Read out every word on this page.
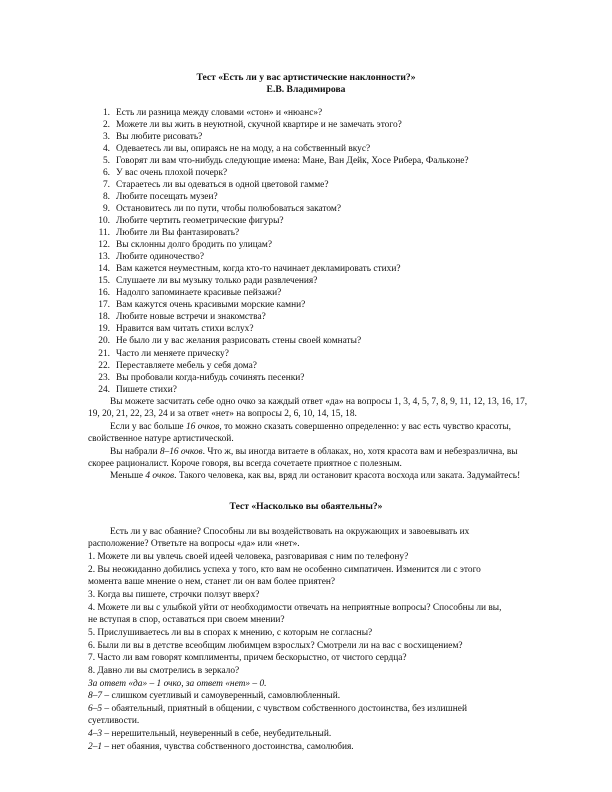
Тест «Есть ли у вас артистические наклонности?»
Е.В. Владимирова
1. Есть ли разница между словами «стон» и «нюанс»?
2. Можете ли вы жить в неуютной, скучной квартире и не замечать этого?
3. Вы любите рисовать?
4. Одеваетесь ли вы, опираясь не на моду, а на собственный вкус?
5. Говорят ли вам что-нибудь следующие имена: Мане, Ван Дейк, Хосе Рибера, Фальконе?
6. У вас очень плохой почерк?
7. Стараетесь ли вы одеваться в одной цветовой гамме?
8. Любите посещать музеи?
9. Остановитесь ли по пути, чтобы полюбоваться закатом?
10. Любите чертить геометрические фигуры?
11. Любите ли Вы фантазировать?
12. Вы склонны долго бродить по улицам?
13. Любите одиночество?
14. Вам кажется неуместным, когда кто-то начинает декламировать стихи?
15. Слушаете ли вы музыку только ради развлечения?
16. Надолго запоминаете красивые пейзажи?
17. Вам кажутся очень красивыми морские камни?
18. Любите новые встречи и знакомства?
19. Нравится вам читать стихи вслух?
20. Не было ли у вас желания разрисовать стены своей комнаты?
21. Часто ли меняете прическу?
22. Переставляете мебель у себя дома?
23. Вы пробовали когда-нибудь сочинять песенки?
24. Пишете стихи?
Вы можете засчитать себе одно очко за каждый ответ «да» на вопросы 1, 3, 4, 5, 7, 8, 9, 11, 12, 13, 16, 17,
19, 20, 21, 22, 23, 24 и за ответ «нет» на вопросы 2, 6, 10, 14, 15, 18.
Если у вас больше 16 очков, то можно сказать совершенно определенно: у вас есть чувство красоты,
свойственное натуре артистической.
Вы набрали 8–16 очков. Что ж, вы иногда витаете в облаках, но, хотя красота вам и небезразлична, вы
скорее рационалист. Короче говоря, вы всегда сочетаете приятное с полезным.
Меньше 4 очков. Такого человека, как вы, вряд ли остановит красота восхода или заката. Задумайтесь!
Тест «Насколько вы обаятельны?»
Есть ли у вас обаяние? Способны ли вы воздействовать на окружающих и завоевывать их
расположение? Ответьте на вопросы «да» или «нет».
1. Можете ли вы увлечь своей идеей человека, разговаривая с ним по телефону?
2. Вы неожиданно добились успеха у того, кто вам не особенно симпатичен. Изменится ли с этого
момента ваше мнение о нем, станет ли он вам более приятен?
3. Когда вы пишете, строчки ползут вверх?
4. Можете ли вы с улыбкой уйти от необходимости отвечать на неприятные вопросы? Способны ли вы,
не вступая в спор, оставаться при своем мнении?
5. Прислушиваетесь ли вы в спорах к мнению, с которым не согласны?
6. Были ли вы в детстве всеобщим любимцем взрослых? Смотрели ли на вас с восхищением?
7. Часто ли вам говорят комплименты, причем бескорыстно, от чистого сердца?
8. Давно ли вы смотрелись в зеркало?
За ответ «да» – 1 очко, за ответ «нет» – 0.
8–7 – слишком суетливый и самоуверенный, самовлюбленный.
6–5 – обаятельный, приятный в общении, с чувством собственного достоинства, без излишней
суетливости.
4–3 – нерешительный, неуверенный в себе, неубедительный.
2–1 – нет обаяния, чувства собственного достоинства, самолюбия.
